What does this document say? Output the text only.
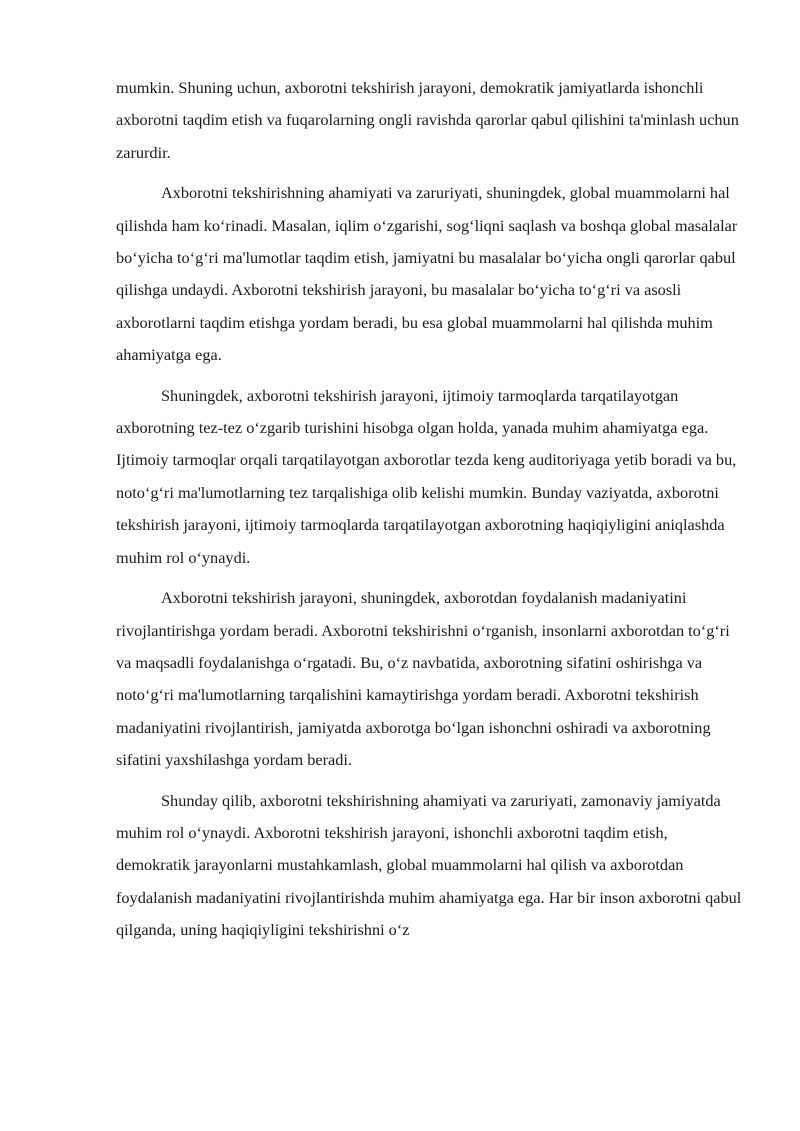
mumkin. Shuning uchun, axborotni tekshirish jarayoni, demokratik jamiyatlarda ishonchli axborotni taqdim etish va fuqarolarning ongli ravishda qarorlar qabul qilishini ta'minlash uchun zarurdir.

Axborotni tekshirishning ahamiyati va zaruriyati, shuningdek, global muammolarni hal qilishda ham ko‘rinadi. Masalan, iqlim o‘zgarishi, sog‘liqni saqlash va boshqa global masalalar bo‘yicha to‘g‘ri ma'lumotlar taqdim etish, jamiyatni bu masalalar bo‘yicha ongli qarorlar qabul qilishga undaydi. Axborotni tekshirish jarayoni, bu masalalar bo‘yicha to‘g‘ri va asosli axborotlarni taqdim etishga yordam beradi, bu esa global muammolarni hal qilishda muhim ahamiyatga ega.

Shuningdek, axborotni tekshirish jarayoni, ijtimoiy tarmoqlarda tarqatilayotgan axborotning tez-tez o‘zgarib turishini hisobga olgan holda, yanada muhim ahamiyatga ega. Ijtimoiy tarmoqlar orqali tarqatilayotgan axborotlar tezda keng auditoriyaga yetib boradi va bu, noto‘g‘ri ma'lumotlarning tez tarqalishiga olib kelishi mumkin. Bunday vaziyatda, axborotni tekshirish jarayoni, ijtimoiy tarmoqlarda tarqatilayotgan axborotning haqiqiyligini aniqlashda muhim rol o‘ynaydi.

Axborotni tekshirish jarayoni, shuningdek, axborotdan foydalanish madaniyatini rivojlantirishga yordam beradi. Axborotni tekshirishni o‘rganish, insonlarni axborotdan to‘g‘ri va maqsadli foydalanishga o‘rgatadi. Bu, o‘z navbatida, axborotning sifatini oshirishga va noto‘g‘ri ma'lumotlarning tarqalishini kamaytirishga yordam beradi. Axborotni tekshirish madaniyatini rivojlantirish, jamiyatda axborotga bo‘lgan ishonchni oshiradi va axborotning sifatini yaxshilashga yordam beradi.

Shunday qilib, axborotni tekshirishning ahamiyati va zaruriyati, zamonaviy jamiyatda muhim rol o‘ynaydi. Axborotni tekshirish jarayoni, ishonchli axborotni taqdim etish, demokratik jarayonlarni mustahkamlash, global muammolarni hal qilish va axborotdan foydalanish madaniyatini rivojlantirishda muhim ahamiyatga ega. Har bir inson axborotni qabul qilganda, uning haqiqiyligini tekshirishni o‘z
